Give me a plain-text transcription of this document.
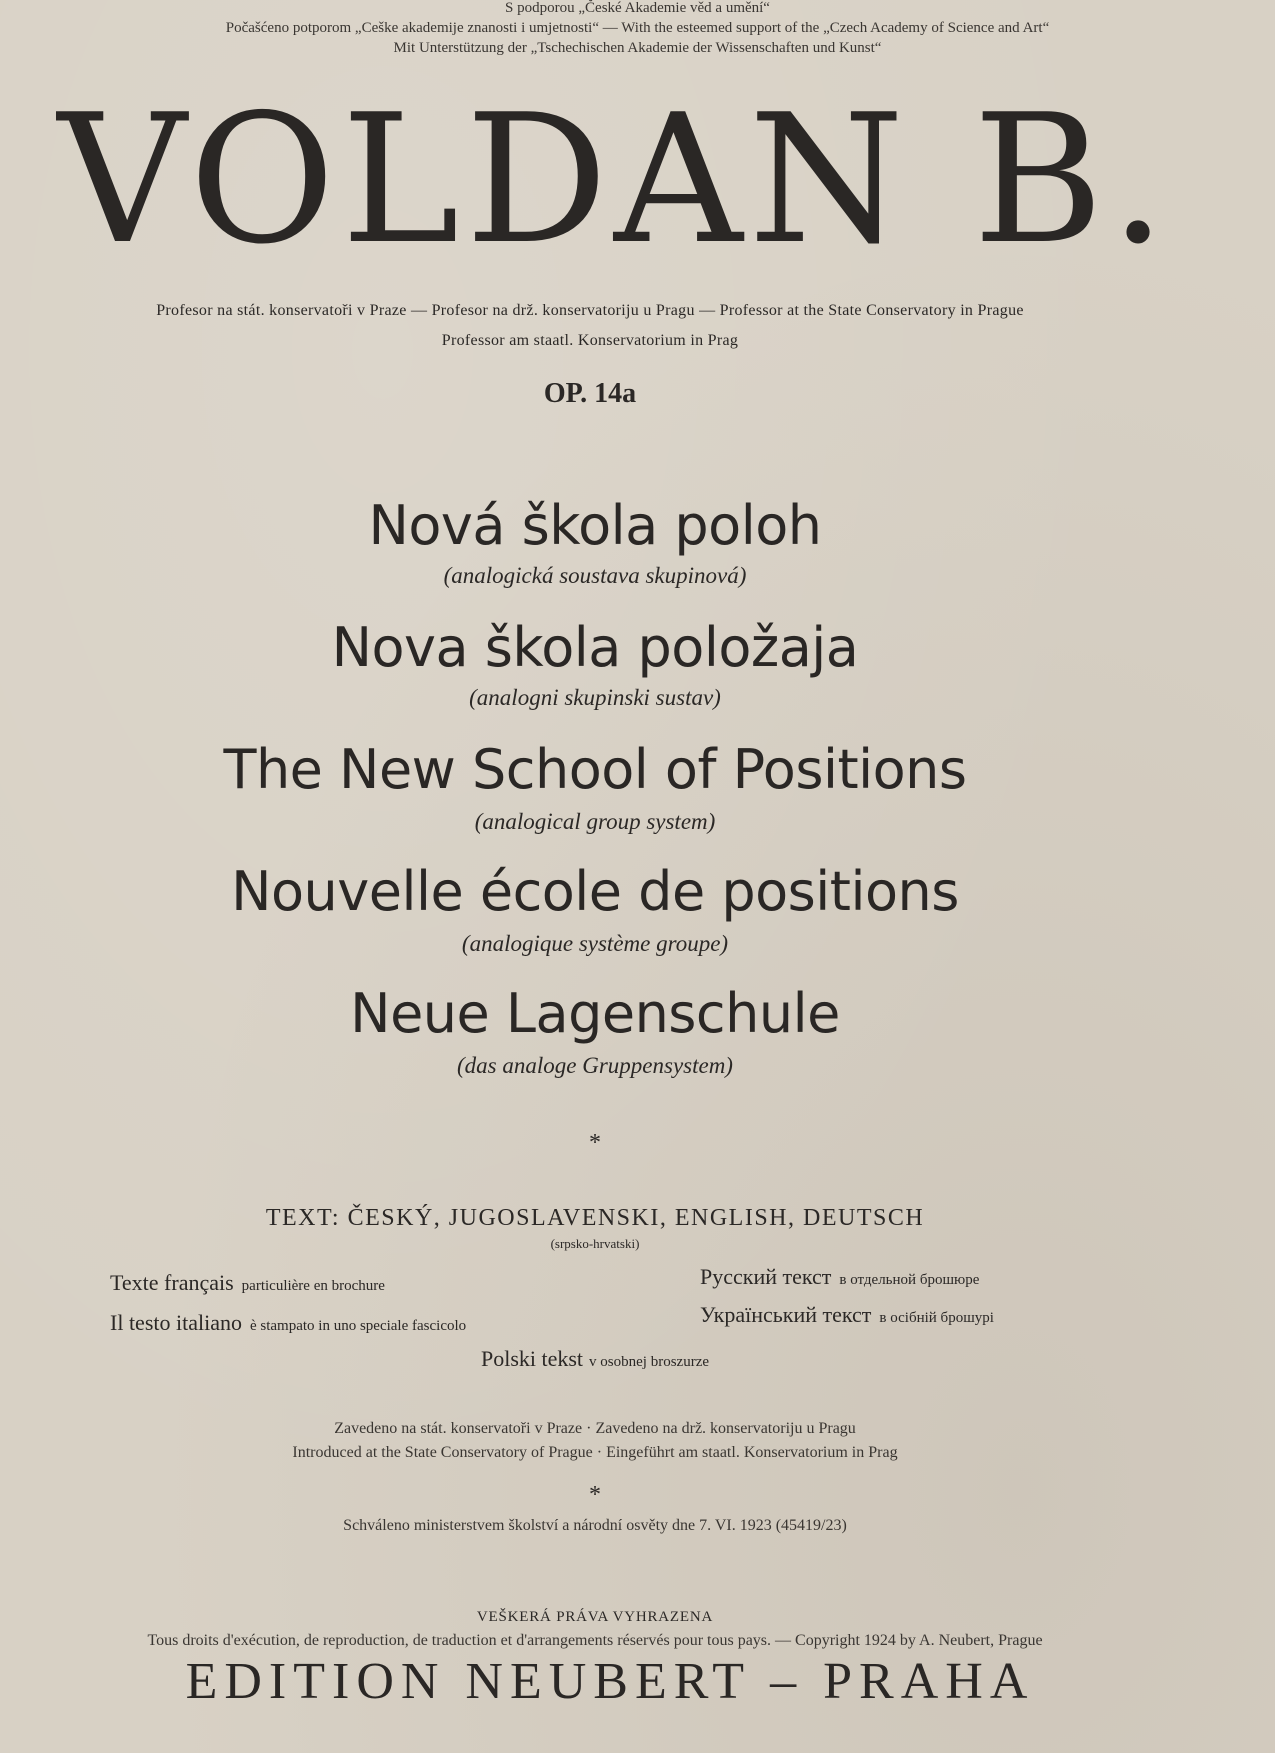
S podporou „České Akademie věd a umění“
Počašćeno potporom „Ceške akademije znanosti i umjetnosti“ — With the esteemed support of the „Czech Academy of Science and Art“
Mit Unterstützung der „Tschechischen Akademie der Wissenschaften und Kunst“
VOLDAN B.
Profesor na stát. konservatoři v Praze — Profesor na drž. konservatoriju u Pragu — Professor at the State Conservatory in Prague
Professor am staatl. Konservatorium in Prag
OP. 14a
Nová škola poloh
(analogická soustava skupinová)
Nova škola položaja
(analogni skupinski sustav)
The New School of Positions
(analogical group system)
Nouvelle école de positions
(analogique système groupe)
Neue Lagenschule
(das analoge Gruppensystem)
*
TEXT: ČESKÝ, JUGOSLAVENSKI, ENGLISH, DEUTSCH
(srpsko-hrvatski)
Texte français particulière en brochure
Il testo italiano è stampato in uno speciale fascicolo
Русский текст в отдельной брошюре
Український текст в осібній брошурі
Polski tekst v osobnej broszurze
Zavedeno na stát. konservatoři v Praze · Zavedeno na drž. konservatoriju u Pragu
Introduced at the State Conservatory of Prague · Eingeführt am staatl. Konservatorium in Prag
*
Schváleno ministerstvem školství a národní osvěty dne 7. VI. 1923 (45419/23)
VEŠKERÁ PRÁVA VYHRAZENA
Tous droits d'exécution, de reproduction, de traduction et d'arrangements réservés pour tous pays. — Copyright 1924 by A. Neubert, Prague
EDITION NEUBERT – PRAHA
